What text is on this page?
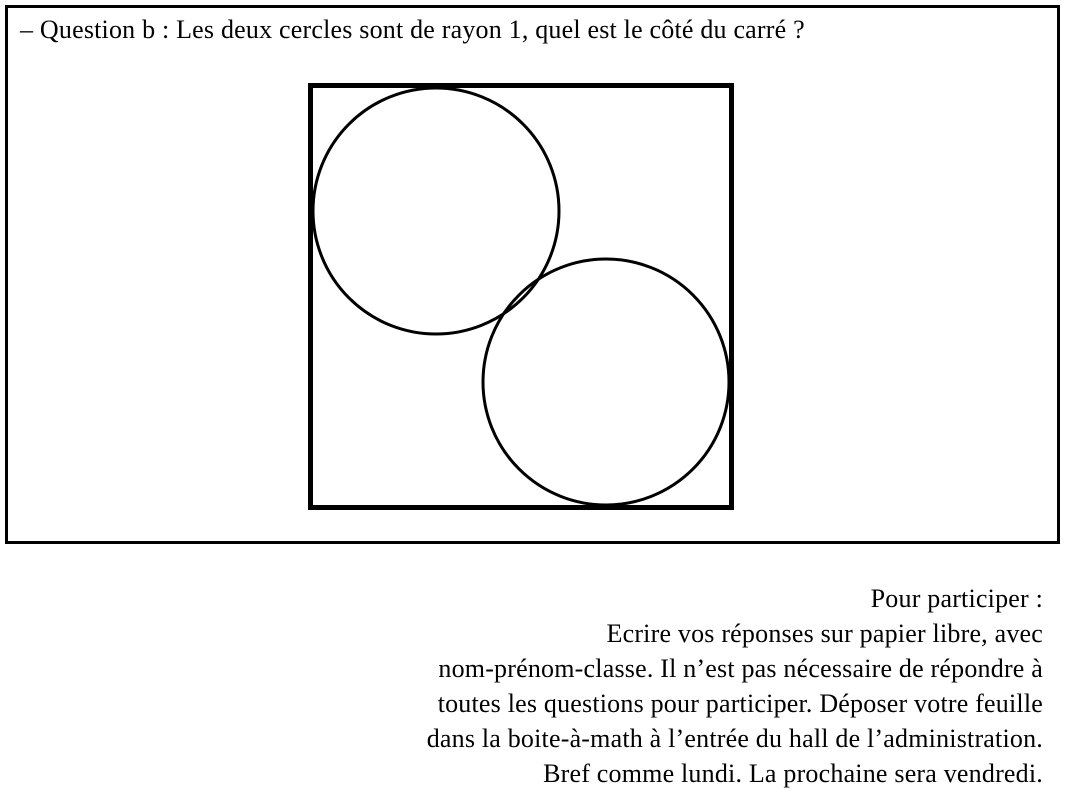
– Question b : Les deux cercles sont de rayon 1, quel est le côté du carré ?
Pour participer :
Ecrire vos réponses sur papier libre, avec
nom-prénom-classe. Il n’est pas nécessaire de répondre à
toutes les questions pour participer. Déposer votre feuille
dans la boite-à-math à l’entrée du hall de l’administration.
Bref comme lundi. La prochaine sera vendredi.
